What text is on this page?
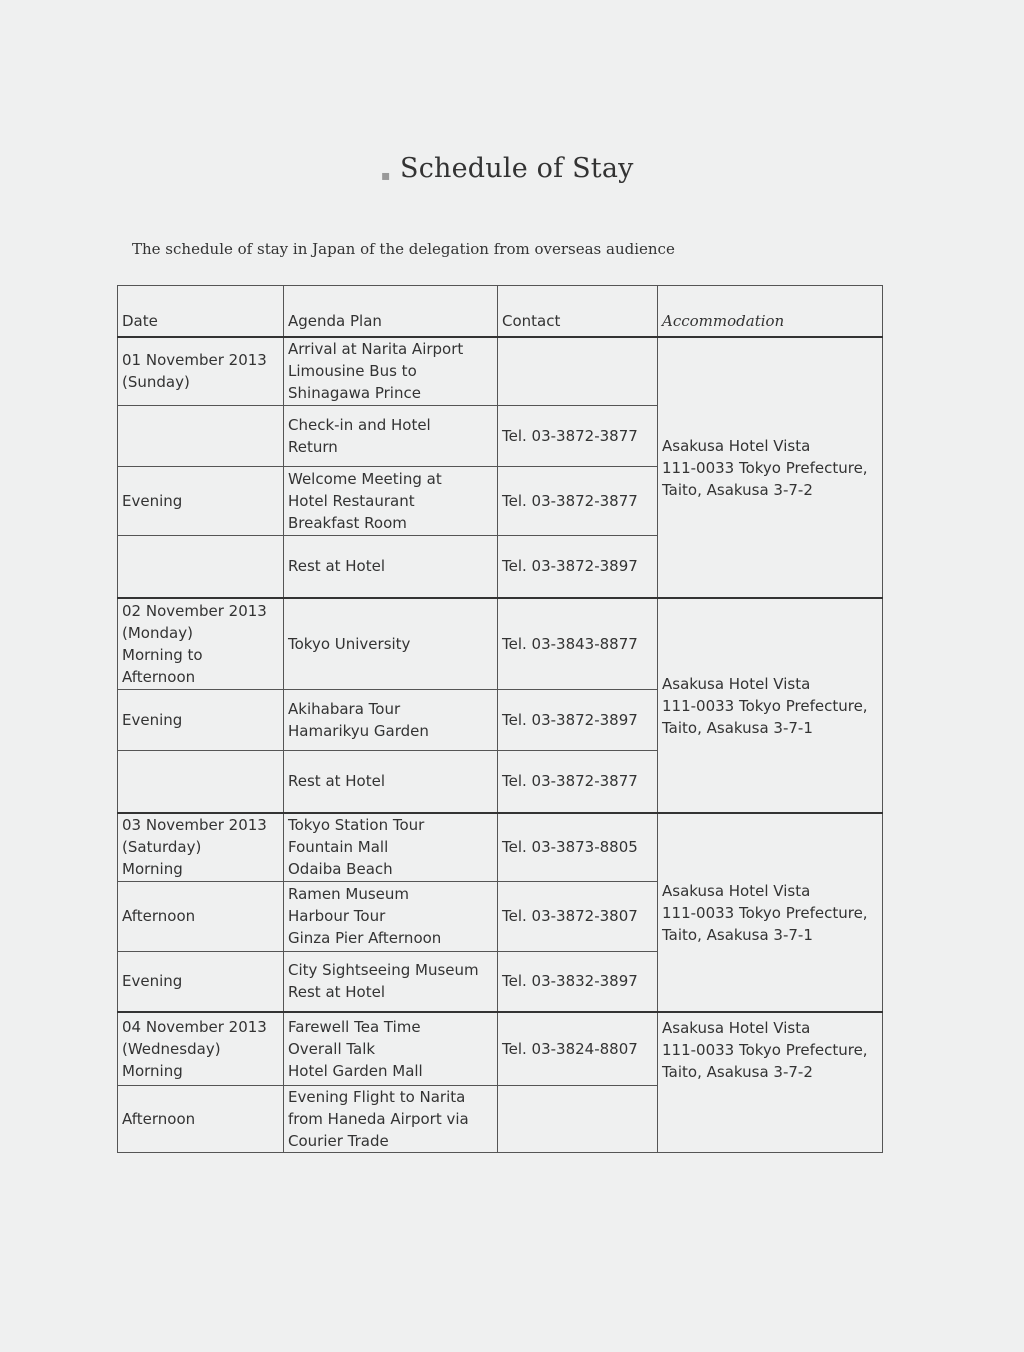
▪ Schedule of Stay
The schedule of stay in Japan of the delegation from overseas audience
Date	Agenda Plan	Contact	Accommodation

01 November 2013
(Sunday)	Arrival at Narita Airport
Limousine Bus to
Shinagawa Prince		Asakusa Hotel Vista
111-0033 Tokyo Prefecture,
Taito, Asakusa 3-7-2

	Check-in and Hotel
Return	Tel. 03-3872-3877	

Evening	Welcome Meeting at
Hotel Restaurant
Breakfast Room	Tel. 03-3872-3877	

	Rest at Hotel	Tel. 03-3872-3897	

02 November 2013
(Monday)
Morning to
Afternoon	Tokyo University	Tel. 03-3843-8877	Asakusa Hotel Vista
111-0033 Tokyo Prefecture,
Taito, Asakusa 3-7-1

Evening	Akihabara Tour
Hamarikyu Garden	Tel. 03-3872-3897	

	Rest at Hotel	Tel. 03-3872-3877	

03 November 2013
(Saturday)
Morning	Tokyo Station Tour
Fountain Mall
Odaiba Beach	Tel. 03-3873-8805	Asakusa Hotel Vista
111-0033 Tokyo Prefecture,
Taito, Asakusa 3-7-1

Afternoon	Ramen Museum
Harbour Tour
Ginza Pier Afternoon	Tel. 03-3872-3807	

Evening	City Sightseeing Museum
Rest at Hotel	Tel. 03-3832-3897	

04 November 2013
(Wednesday)
Morning	Farewell Tea Time
Overall Talk
Hotel Garden Mall	Tel. 03-3824-8807	Asakusa Hotel Vista
111-0033 Tokyo Prefecture,
Taito, Asakusa 3-7-2

Afternoon	Evening Flight to Narita
from Haneda Airport via
Courier Trade		
